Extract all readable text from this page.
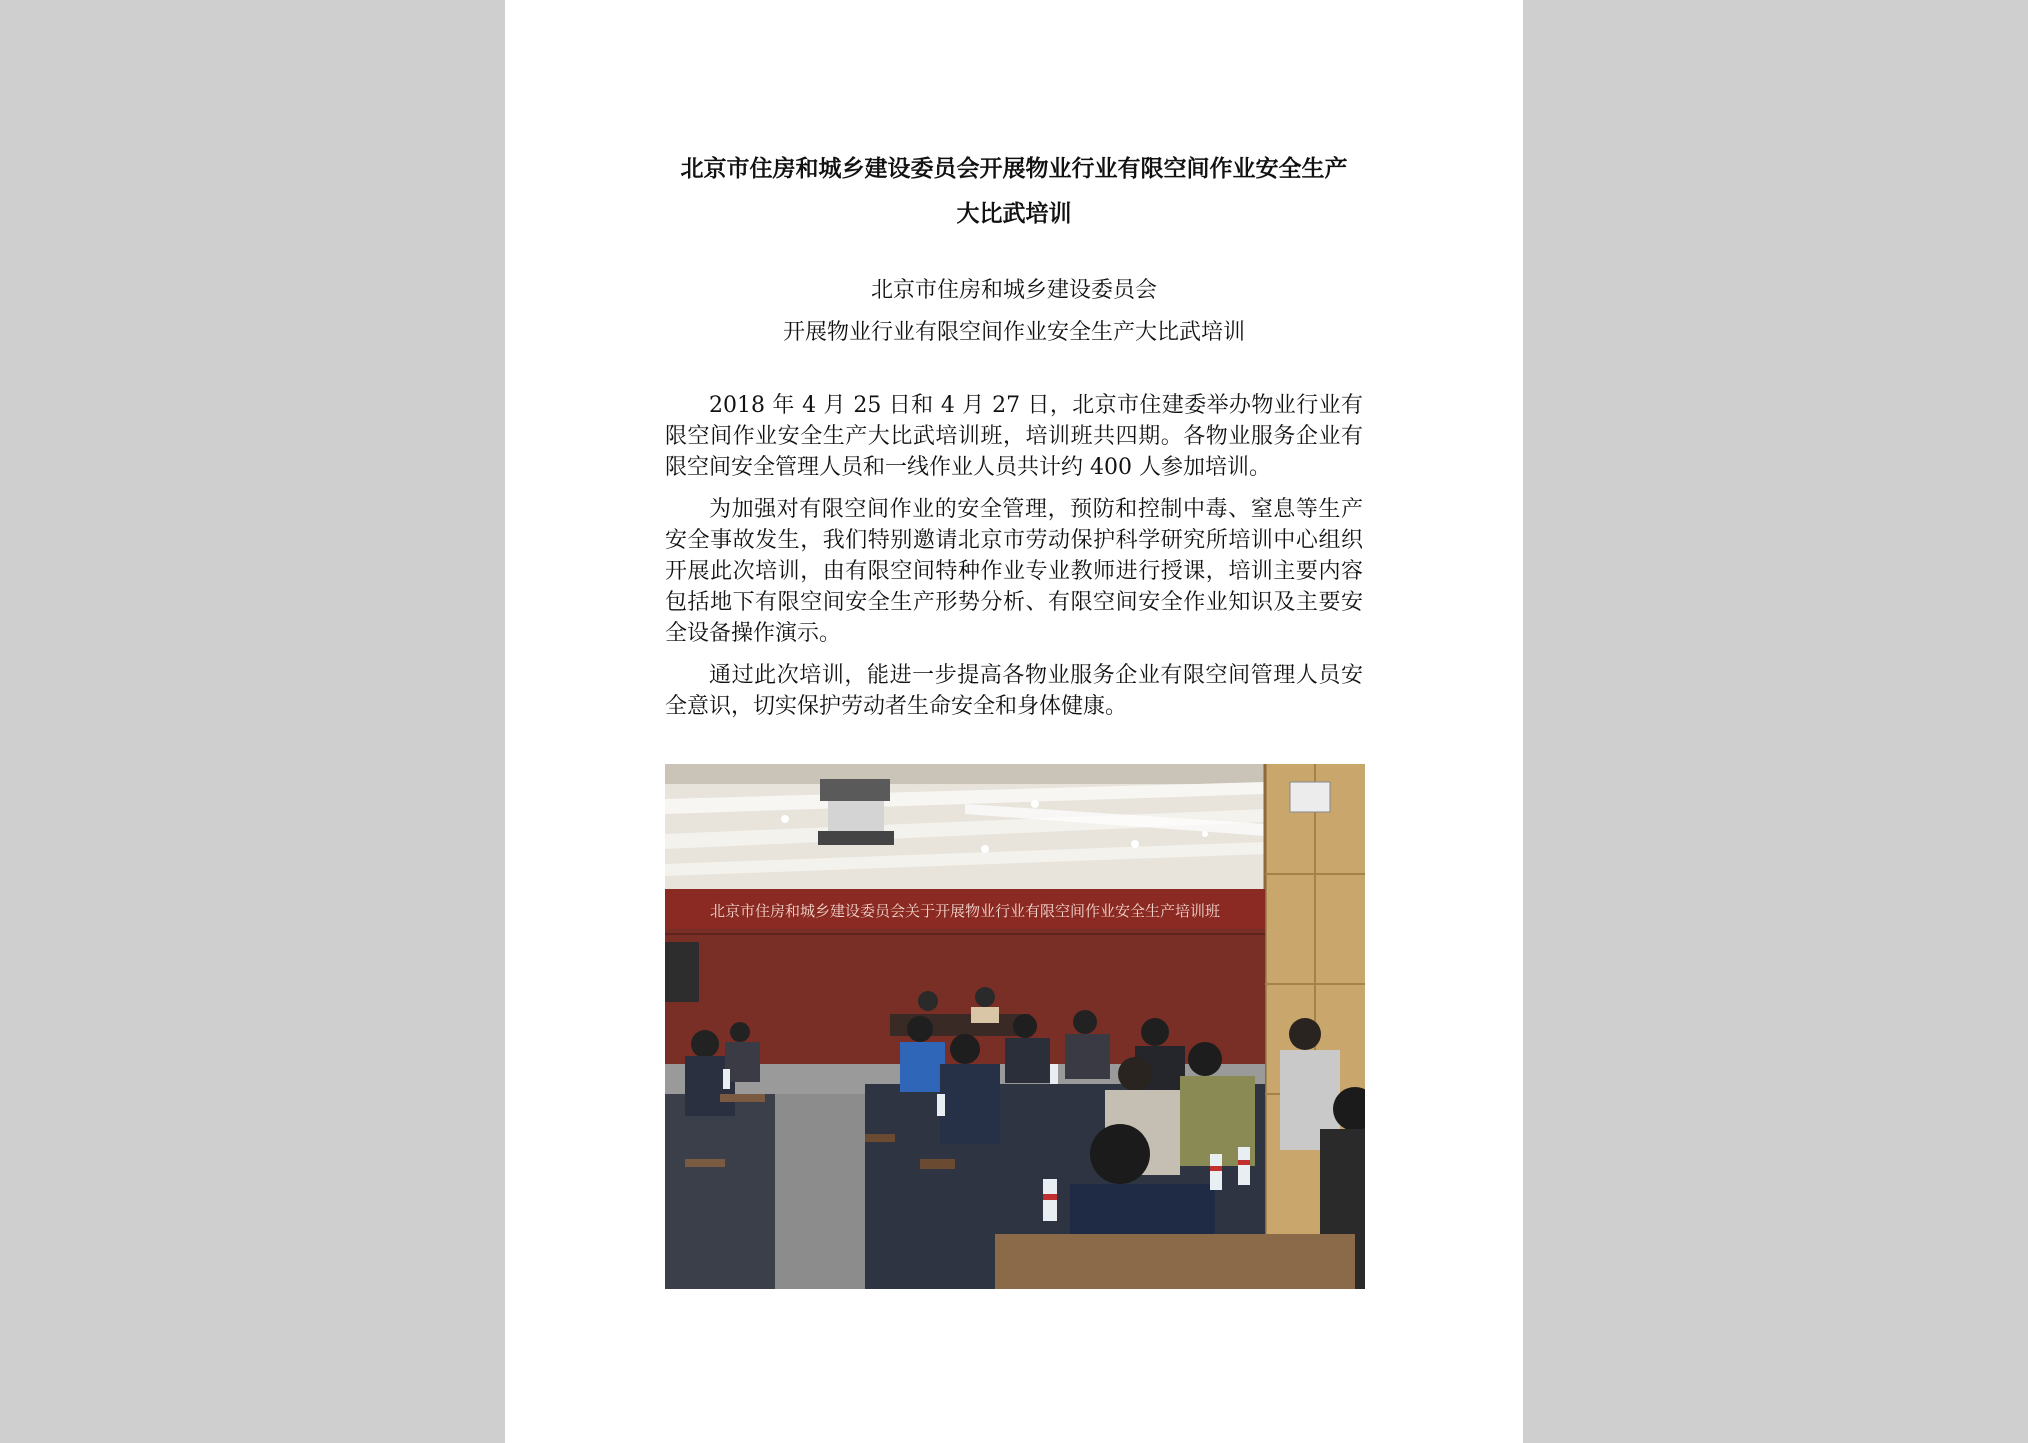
北京市住房和城乡建设委员会开展物业行业有限空间作业安全生产
大比武培训
北京市住房和城乡建设委员会
开展物业行业有限空间作业安全生产大比武培训

2018 年 4 月 25 日和 4 月 27 日，北京市住建委举办物业行业有限空间作业安全生产大比武培训班，培训班共四期。各物业服务企业有限空间安全管理人员和一线作业人员共计约 400 人参加培训。

为加强对有限空间作业的安全管理，预防和控制中毒、窒息等生产安全事故发生，我们特别邀请北京市劳动保护科学研究所培训中心组织开展此次培训，由有限空间特种作业专业教师进行授课，培训主要内容包括地下有限空间安全生产形势分析、有限空间安全作业知识及主要安全设备操作演示。

通过此次培训，能进一步提高各物业服务企业有限空间管理人员安全意识，切实保护劳动者生命安全和身体健康。

北京市住房和城乡建设委员会关于开展物业行业有限空间作业安全生产培训班
